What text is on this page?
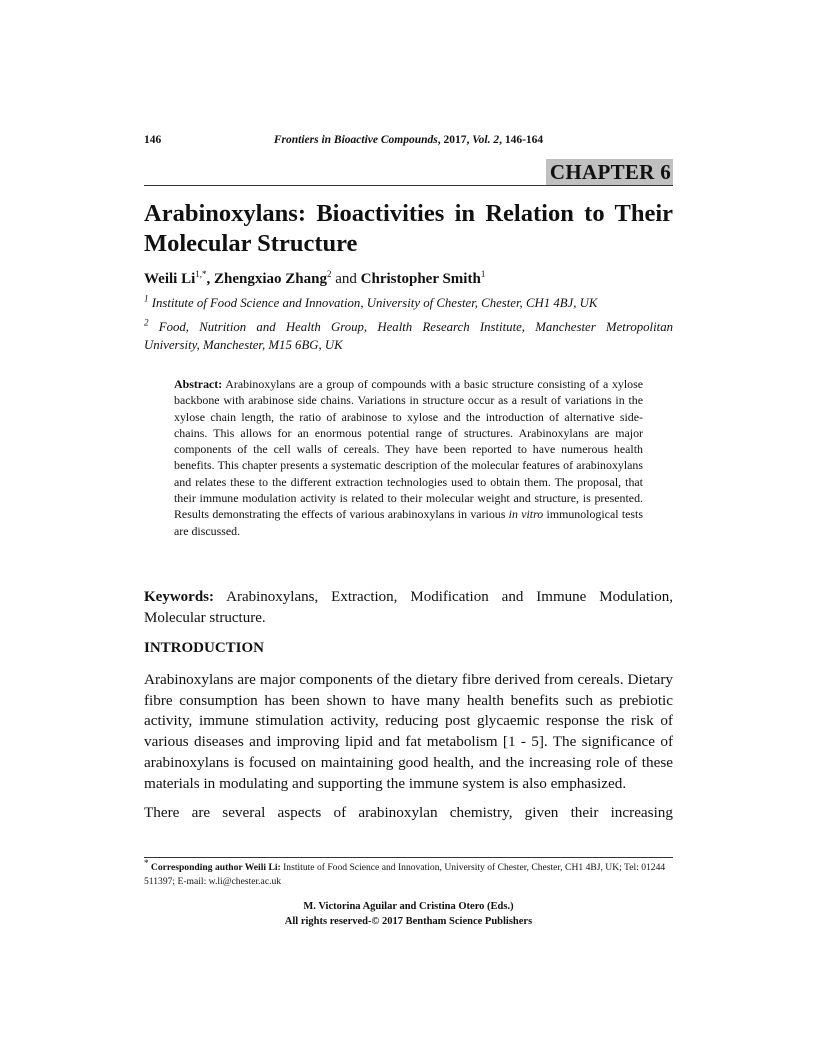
146	Frontiers in Bioactive Compounds, 2017, Vol. 2, 146-164
CHAPTER 6
Arabinoxylans: Bioactivities in Relation to Their
Molecular Structure
Weili $Li^{1,*}$, Zhengxiao Zhang$^2$ and Christopher Smith$^1$
$^1$ Institute of Food Science and Innovation, University of Chester, Chester, CH1 4BJ, UK
$^2$ Food, Nutrition and Health Group, Health Research Institute, Manchester Metropolitan
University, Manchester, M15 6BG, UK
Abstract: Arabinoxylans are a group of compounds with a basic structure consisting of a xylose backbone with arabinose side chains. Variations in structure occur as a result of variations in the xylose chain length, the ratio of arabinose to xylose and the introduction of alternative side-chains. This allows for an enormous potential range of structures. Arabinoxylans are major components of the cell walls of cereals. They have been reported to have numerous health benefits. This chapter presents a systematic description of the molecular features of arabinoxylans and relates these to the different extraction technologies used to obtain them. The proposal, that their immune modulation activity is related to their molecular weight and structure, is presented. Results demonstrating the effects of various arabinoxylans in various in vitro immunological tests are discussed.
Keywords: Arabinoxylans, Extraction, Modification and Immune Modulation, Molecular structure.
INTRODUCTION

Arabinoxylans are major components of the dietary fibre derived from cereals. Dietary fibre consumption has been shown to have many health benefits such as prebiotic activity, immune stimulation activity, reducing post glycaemic response the risk of various diseases and improving lipid and fat metabolism [1 - 5]. The significance of arabinoxylans is focused on maintaining good health, and the increasing role of these materials in modulating and supporting the immune system is also emphasized.

There are several aspects of arabinoxylan chemistry, given their increasing

* Corresponding author Weili Li: Institute of Food Science and Innovation, University of Chester, Chester, CH1 4BJ, UK; Tel: 01244 511397; E-mail: w.li@chester.ac.uk
M. Victorina Aguilar and Cristina Otero (Eds.)
All rights reserved-© 2017 Bentham Science Publishers
